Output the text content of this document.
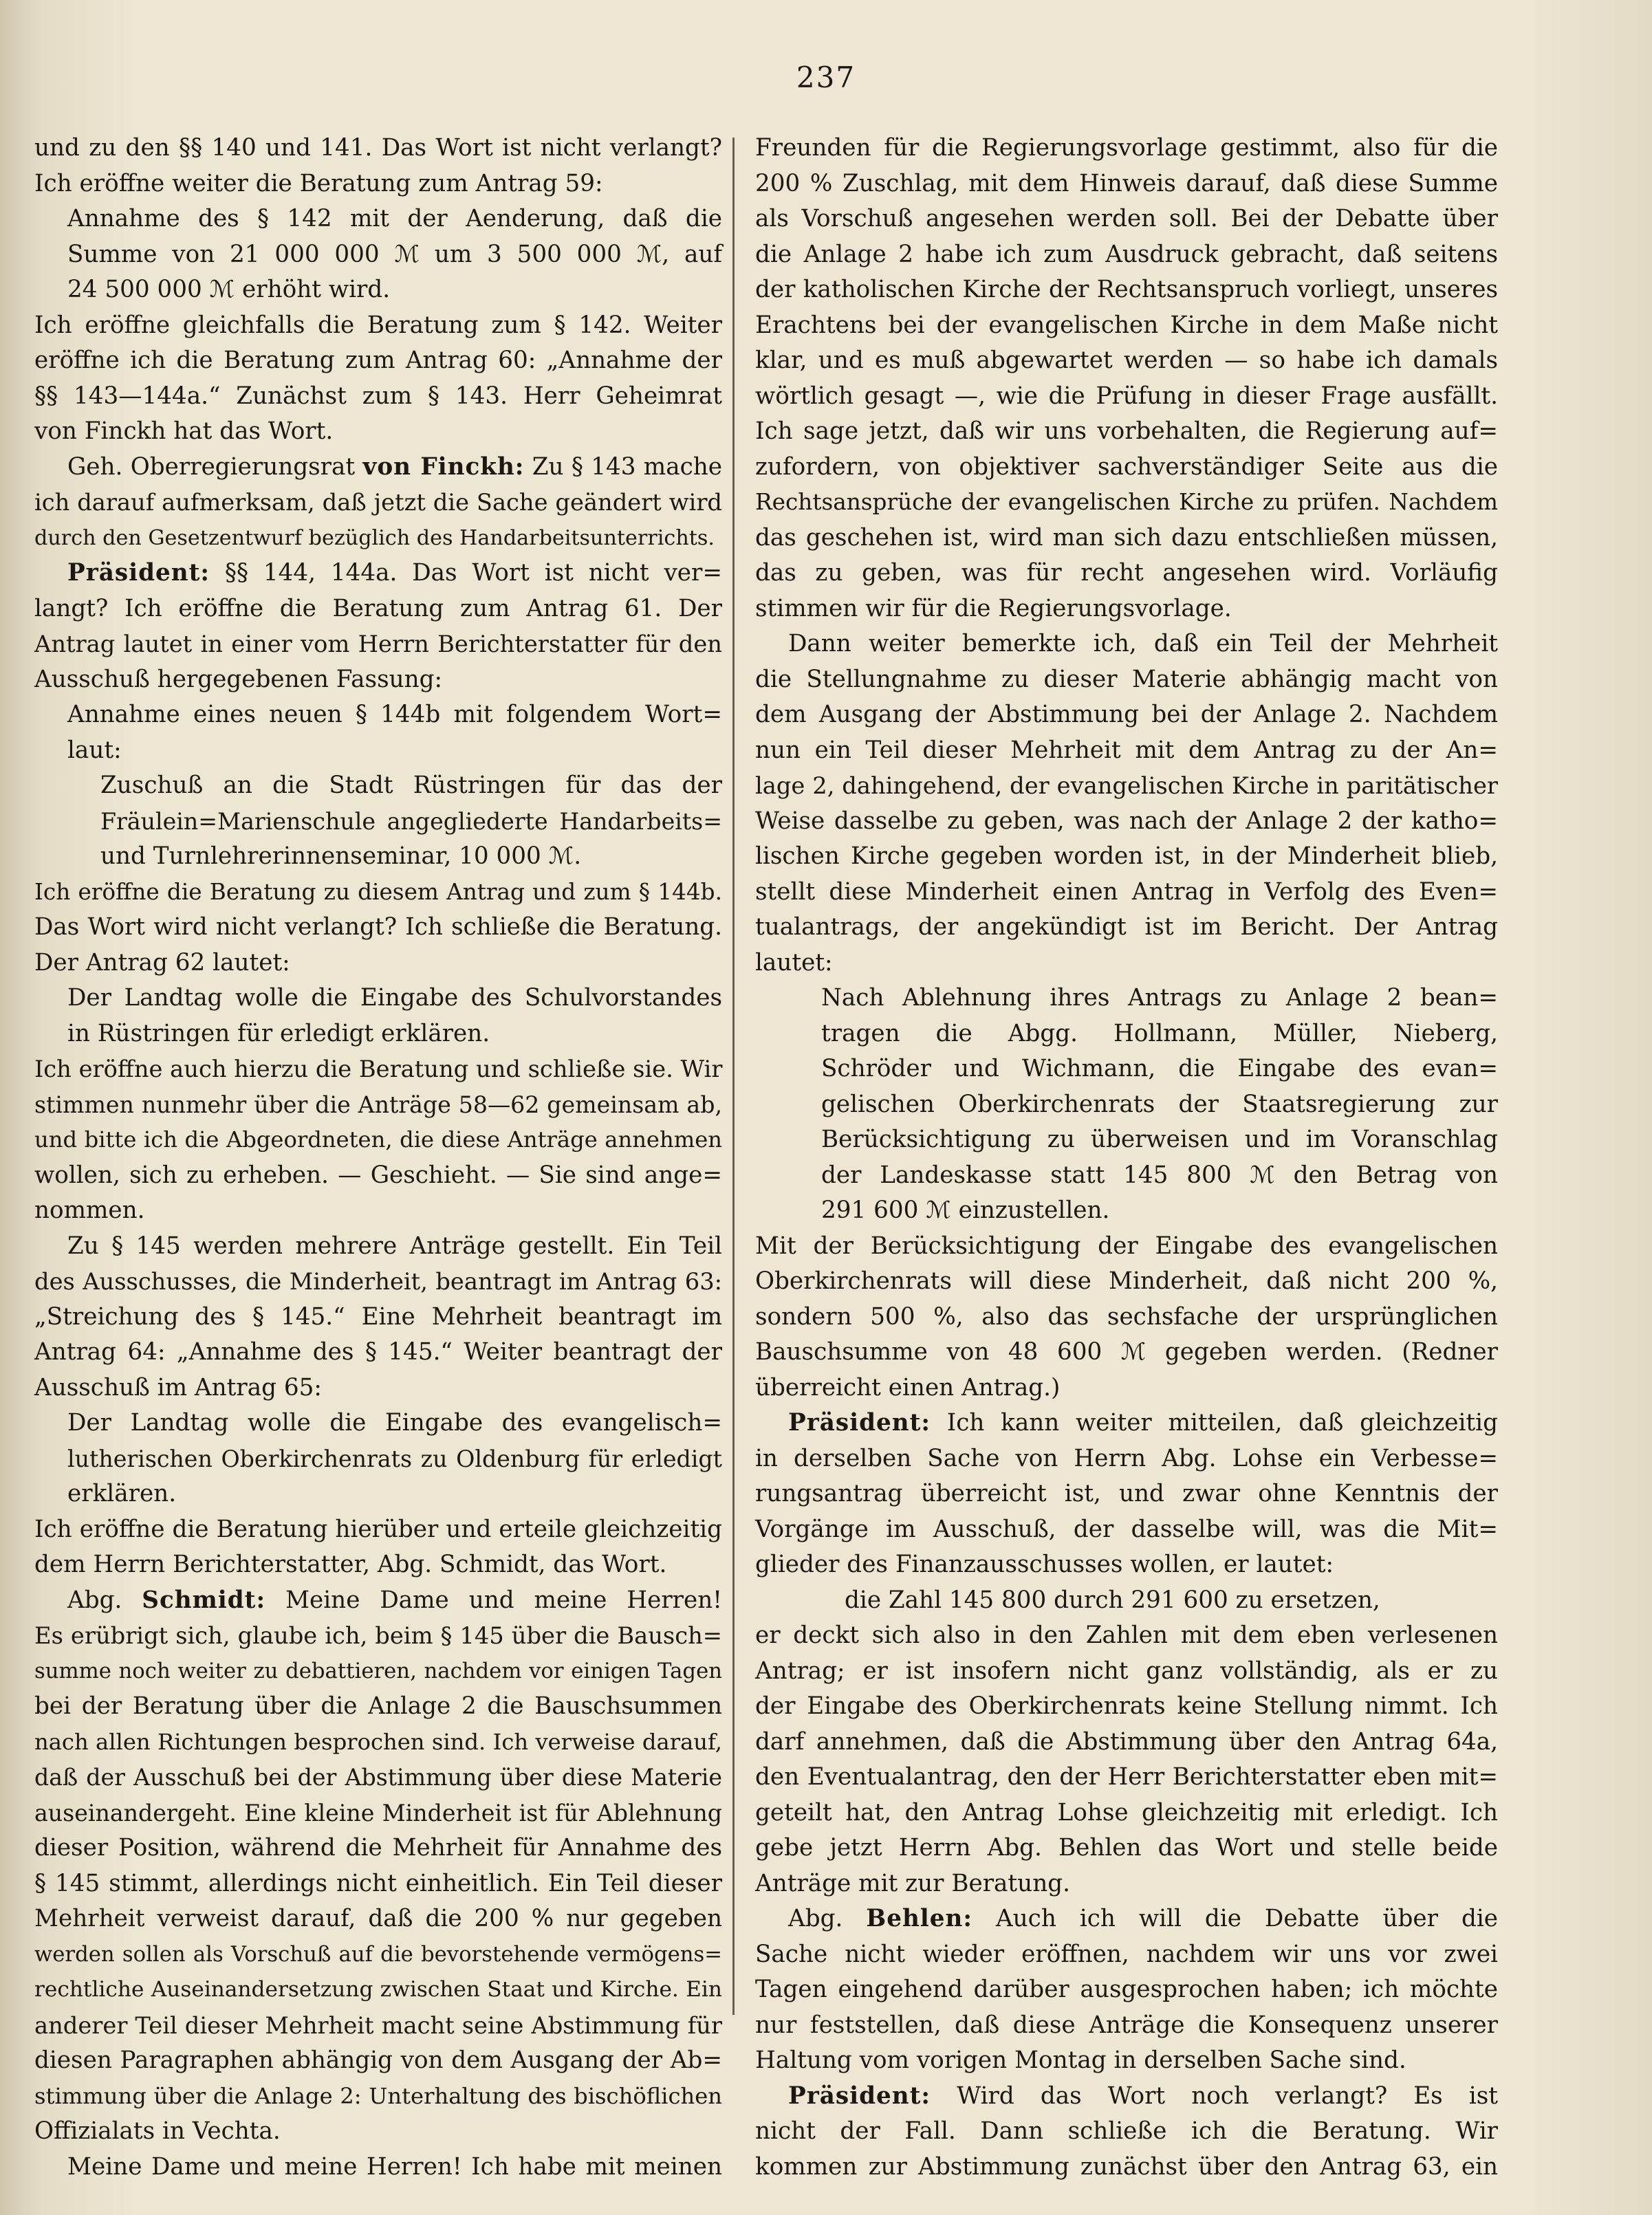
237
und zu den §§ 140 und 141. Das Wort ist nicht verlangt?
Ich eröffne weiter die Beratung zum Antrag 59:
Annahme des § 142 mit der Aenderung, daß die
Summe von 21 000 000 ℳ um 3 500 000 ℳ, auf
24 500 000 ℳ erhöht wird.
Ich eröffne gleichfalls die Beratung zum § 142. Weiter
eröffne ich die Beratung zum Antrag 60: „Annahme der
§§ 143—144a.“ Zunächst zum § 143. Herr Geheimrat
von Finckh hat das Wort.
Geh. Oberregierungsrat von Finckh: Zu § 143 mache
ich darauf aufmerksam, daß jetzt die Sache geändert wird
durch den Gesetzentwurf bezüglich des Handarbeitsunterrichts.
Präsident: §§ 144, 144a. Das Wort ist nicht ver=
langt? Ich eröffne die Beratung zum Antrag 61. Der
Antrag lautet in einer vom Herrn Berichterstatter für den
Ausschuß hergegebenen Fassung:
Annahme eines neuen § 144b mit folgendem Wort=
laut:
Zuschuß an die Stadt Rüstringen für das der
Fräulein=Marienschule angegliederte Handarbeits=
und Turnlehrerinnenseminar, 10 000 ℳ.
Ich eröffne die Beratung zu diesem Antrag und zum § 144b.
Das Wort wird nicht verlangt? Ich schließe die Beratung.
Der Antrag 62 lautet:
Der Landtag wolle die Eingabe des Schulvorstandes
in Rüstringen für erledigt erklären.
Ich eröffne auch hierzu die Beratung und schließe sie. Wir
stimmen nunmehr über die Anträge 58—62 gemeinsam ab,
und bitte ich die Abgeordneten, die diese Anträge annehmen
wollen, sich zu erheben. — Geschieht. — Sie sind ange=
nommen.
Zu § 145 werden mehrere Anträge gestellt. Ein Teil
des Ausschusses, die Minderheit, beantragt im Antrag 63:
„Streichung des § 145.“ Eine Mehrheit beantragt im
Antrag 64: „Annahme des § 145.“ Weiter beantragt der
Ausschuß im Antrag 65:
Der Landtag wolle die Eingabe des evangelisch=
lutherischen Oberkirchenrats zu Oldenburg für erledigt
erklären.
Ich eröffne die Beratung hierüber und erteile gleichzeitig
dem Herrn Berichterstatter, Abg. Schmidt, das Wort.
Abg. Schmidt: Meine Dame und meine Herren!
Es erübrigt sich, glaube ich, beim § 145 über die Bausch=
summe noch weiter zu debattieren, nachdem vor einigen Tagen
bei der Beratung über die Anlage 2 die Bauschsummen
nach allen Richtungen besprochen sind. Ich verweise darauf,
daß der Ausschuß bei der Abstimmung über diese Materie
auseinandergeht. Eine kleine Minderheit ist für Ablehnung
dieser Position, während die Mehrheit für Annahme des
§ 145 stimmt, allerdings nicht einheitlich. Ein Teil dieser
Mehrheit verweist darauf, daß die 200 % nur gegeben
werden sollen als Vorschuß auf die bevorstehende vermögens=
rechtliche Auseinandersetzung zwischen Staat und Kirche. Ein
anderer Teil dieser Mehrheit macht seine Abstimmung für
diesen Paragraphen abhängig von dem Ausgang der Ab=
stimmung über die Anlage 2: Unterhaltung des bischöflichen
Offizialats in Vechta.
Meine Dame und meine Herren! Ich habe mit meinen
Freunden für die Regierungsvorlage gestimmt, also für die
200 % Zuschlag, mit dem Hinweis darauf, daß diese Summe
als Vorschuß angesehen werden soll. Bei der Debatte über
die Anlage 2 habe ich zum Ausdruck gebracht, daß seitens
der katholischen Kirche der Rechtsanspruch vorliegt, unseres
Erachtens bei der evangelischen Kirche in dem Maße nicht
klar, und es muß abgewartet werden — so habe ich damals
wörtlich gesagt —, wie die Prüfung in dieser Frage ausfällt.
Ich sage jetzt, daß wir uns vorbehalten, die Regierung auf=
zufordern, von objektiver sachverständiger Seite aus die
Rechtsansprüche der evangelischen Kirche zu prüfen. Nachdem
das geschehen ist, wird man sich dazu entschließen müssen,
das zu geben, was für recht angesehen wird. Vorläufig
stimmen wir für die Regierungsvorlage.
Dann weiter bemerkte ich, daß ein Teil der Mehrheit
die Stellungnahme zu dieser Materie abhängig macht von
dem Ausgang der Abstimmung bei der Anlage 2. Nachdem
nun ein Teil dieser Mehrheit mit dem Antrag zu der An=
lage 2, dahingehend, der evangelischen Kirche in paritätischer
Weise dasselbe zu geben, was nach der Anlage 2 der katho=
lischen Kirche gegeben worden ist, in der Minderheit blieb,
stellt diese Minderheit einen Antrag in Verfolg des Even=
tualantrags, der angekündigt ist im Bericht. Der Antrag
lautet:
Nach Ablehnung ihres Antrags zu Anlage 2 bean=
tragen die Abgg. Hollmann, Müller, Nieberg,
Schröder und Wichmann, die Eingabe des evan=
gelischen Oberkirchenrats der Staatsregierung zur
Berücksichtigung zu überweisen und im Voranschlag
der Landeskasse statt 145 800 ℳ den Betrag von
291 600 ℳ einzustellen.
Mit der Berücksichtigung der Eingabe des evangelischen
Oberkirchenrats will diese Minderheit, daß nicht 200 %,
sondern 500 %, also das sechsfache der ursprünglichen
Bauschsumme von 48 600 ℳ gegeben werden. (Redner
überreicht einen Antrag.)
Präsident: Ich kann weiter mitteilen, daß gleichzeitig
in derselben Sache von Herrn Abg. Lohse ein Verbesse=
rungsantrag überreicht ist, und zwar ohne Kenntnis der
Vorgänge im Ausschuß, der dasselbe will, was die Mit=
glieder des Finanzausschusses wollen, er lautet:
die Zahl 145 800 durch 291 600 zu ersetzen,
er deckt sich also in den Zahlen mit dem eben verlesenen
Antrag; er ist insofern nicht ganz vollständig, als er zu
der Eingabe des Oberkirchenrats keine Stellung nimmt. Ich
darf annehmen, daß die Abstimmung über den Antrag 64a,
den Eventualantrag, den der Herr Berichterstatter eben mit=
geteilt hat, den Antrag Lohse gleichzeitig mit erledigt. Ich
gebe jetzt Herrn Abg. Behlen das Wort und stelle beide
Anträge mit zur Beratung.
Abg. Behlen: Auch ich will die Debatte über die
Sache nicht wieder eröffnen, nachdem wir uns vor zwei
Tagen eingehend darüber ausgesprochen haben; ich möchte
nur feststellen, daß diese Anträge die Konsequenz unserer
Haltung vom vorigen Montag in derselben Sache sind.
Präsident: Wird das Wort noch verlangt? Es ist
nicht der Fall. Dann schließe ich die Beratung. Wir
kommen zur Abstimmung zunächst über den Antrag 63, ein
